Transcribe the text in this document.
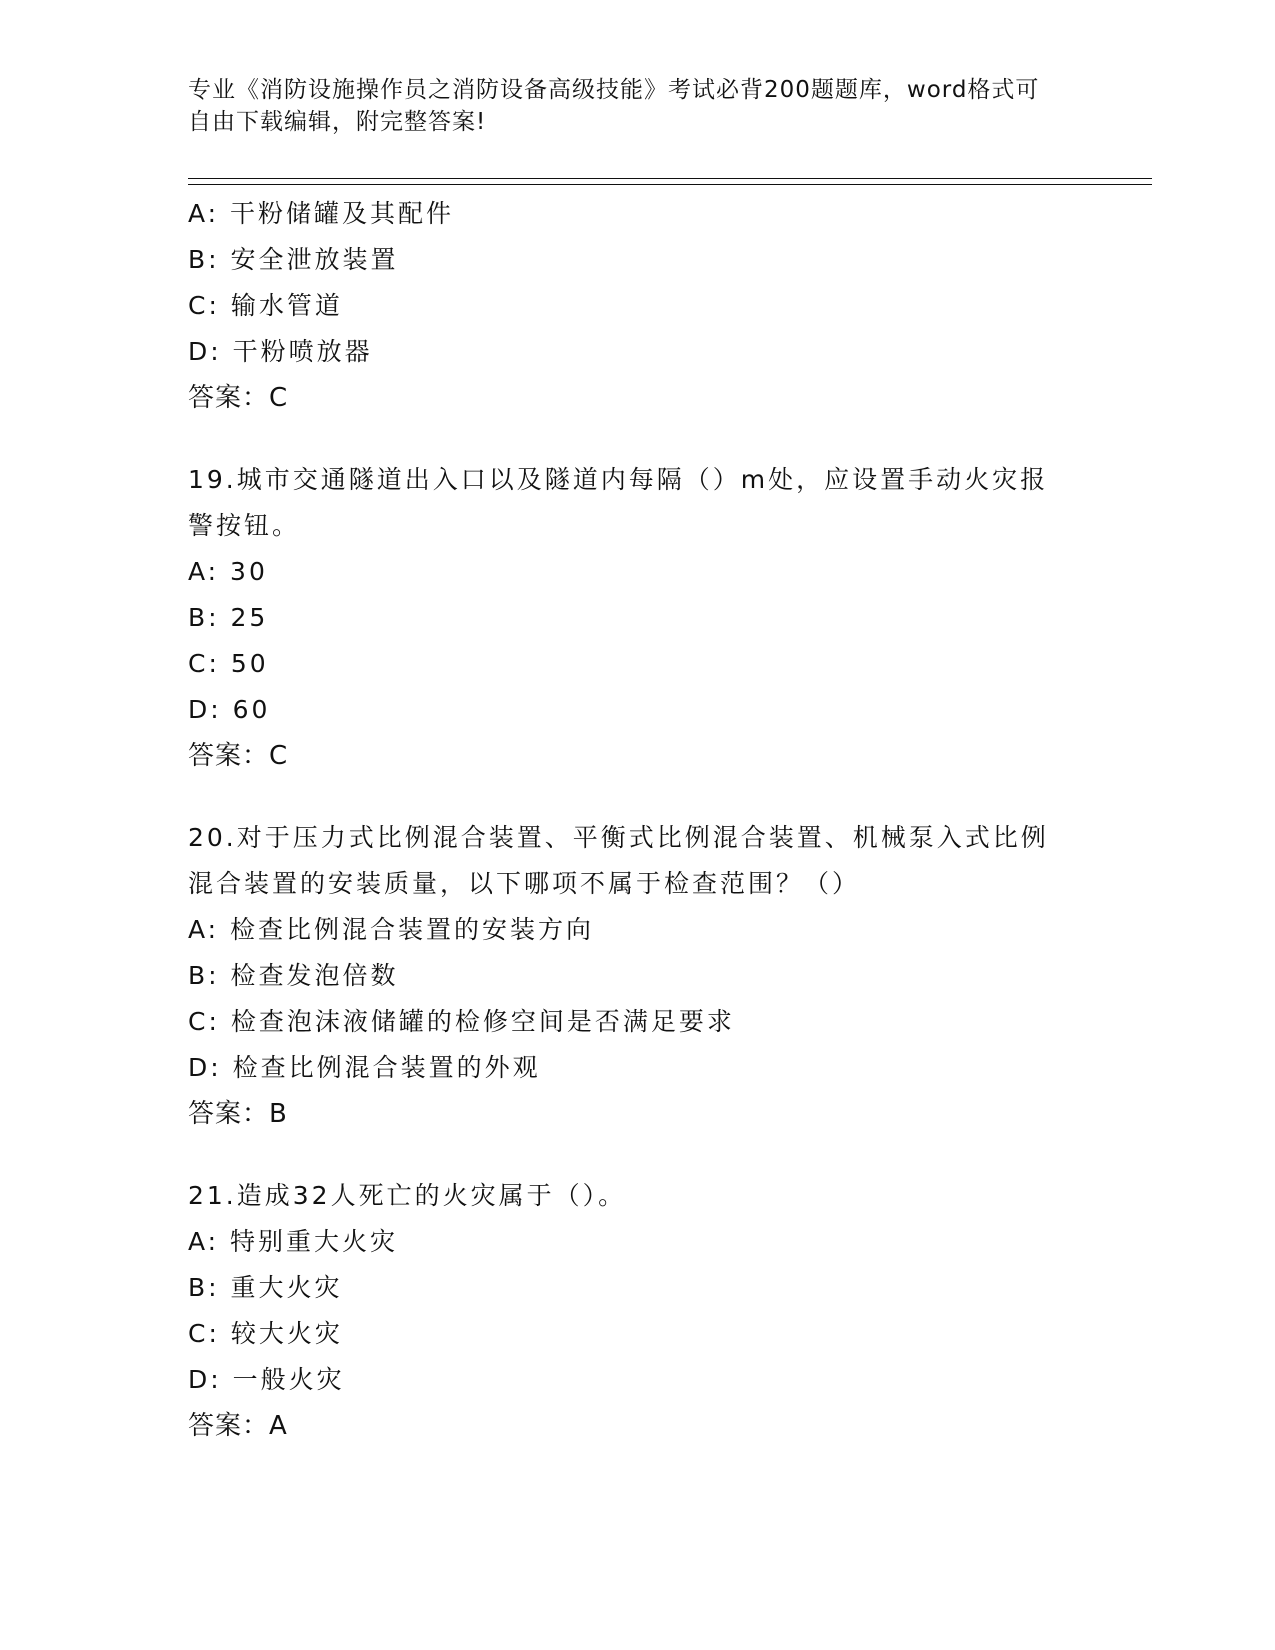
专业《消防设施操作员之消防设备高级技能》考试必背200题题库，word格式可
自由下载编辑，附完整答案!
A: 干粉储罐及其配件
B: 安全泄放装置
C: 输水管道
D: 干粉喷放器
答案：C
19.城市交通隧道出入口以及隧道内每隔（）m处，应设置手动火灾报
警按钮。
A: 30
B: 25
C: 50
D: 60
答案：C
20.对于压力式比例混合装置、平衡式比例混合装置、机械泵入式比例
混合装置的安装质量，以下哪项不属于检查范围？（）
A: 检查比例混合装置的安装方向
B: 检查发泡倍数
C: 检查泡沫液储罐的检修空间是否满足要求
D: 检查比例混合装置的外观
答案：B
21.造成32人死亡的火灾属于（）。
A: 特别重大火灾
B: 重大火灾
C: 较大火灾
D: 一般火灾
答案：A
